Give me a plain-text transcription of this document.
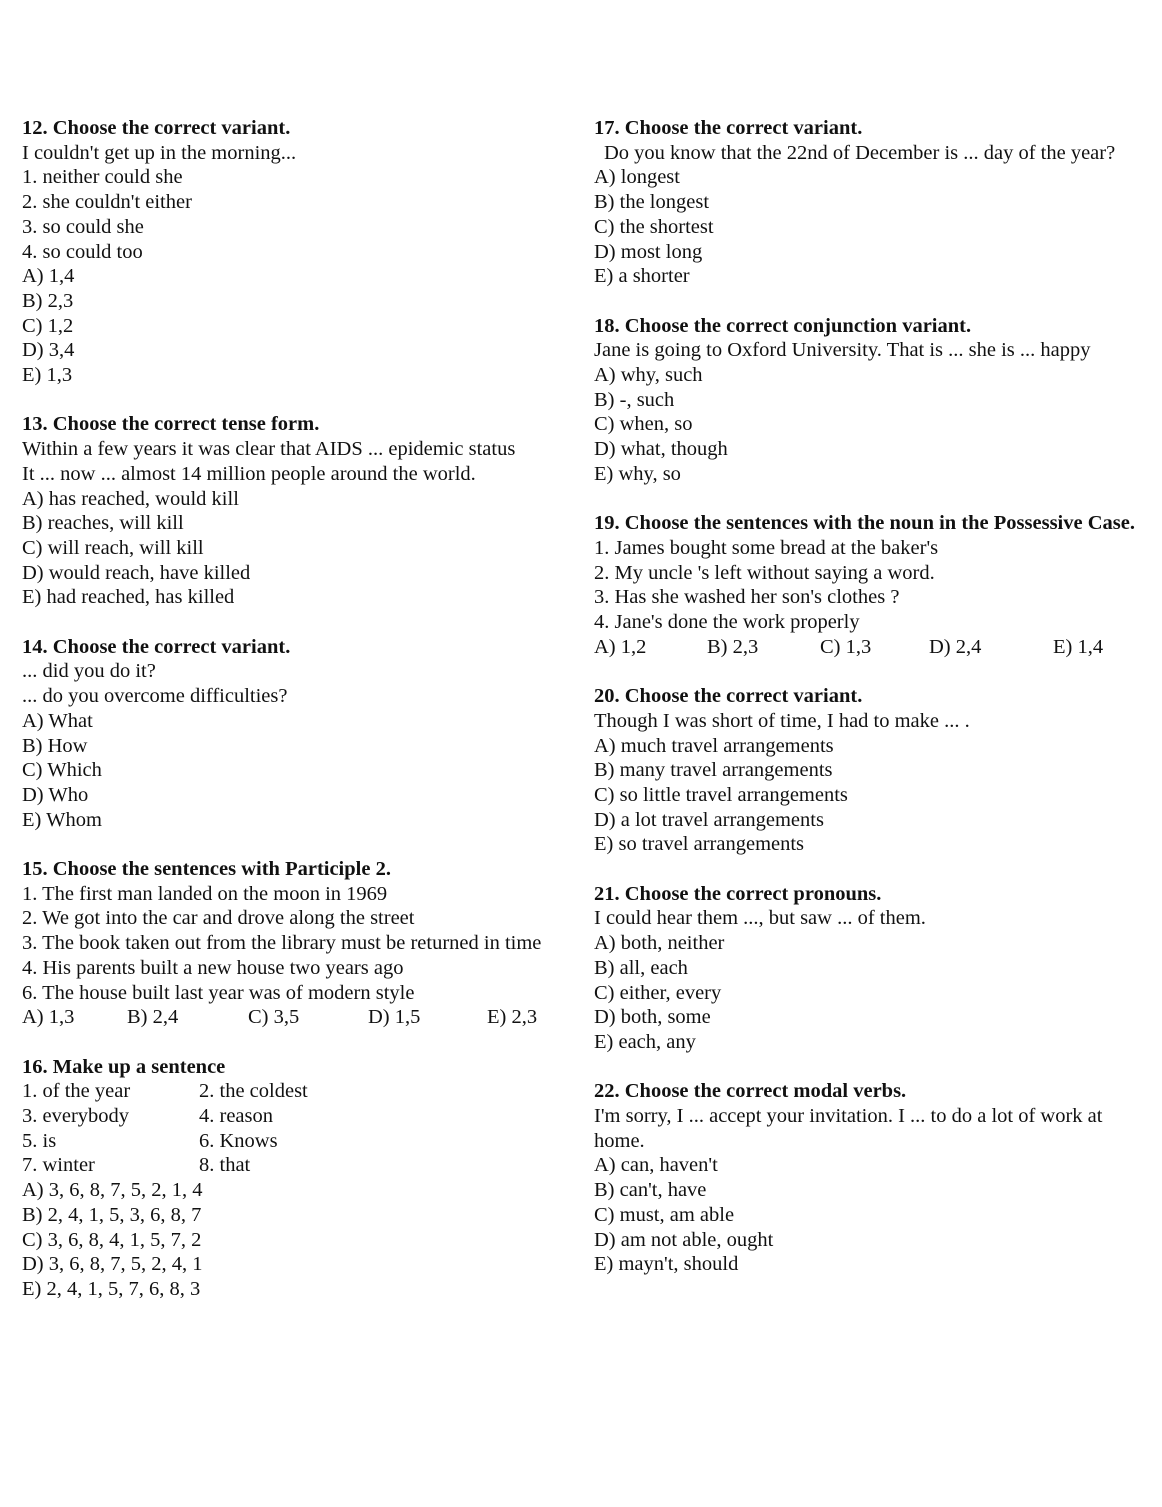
12. Choose the correct variant.
I couldn't get up in the morning...
1. neither could she
2. she couldn't either
3. so could she
4. so could too
A) 1,4
B) 2,3
C) 1,2
D) 3,4
E) 1,3
13. Choose the correct tense form.
Within a few years it was clear that AIDS ... epidemic status
It ... now ... almost 14 million people around the world.
A) has reached, would kill
B) reaches, will kill
C) will reach, will kill
D) would reach, have killed
E) had reached, has killed
14. Choose the correct variant.
... did you do it?
... do you overcome difficulties?
A) What
B) How
C) Which
D) Who
E) Whom
15. Choose the sentences with Participle 2.
1. The first man landed on the moon in 1969
2. We got into the car and drove along the street
3. The book taken out from the library must be returned in time
4. His parents built a new house two years ago
6. The house built last year was of modern style
A) 1,3	B) 2,4	C) 3,5	D) 1,5	E) 2,3
16. Make up a sentence
1. of the year	2. the coldest
3. everybody	4. reason
5. is	6. Knows
7. winter	8. that
A) 3, 6, 8, 7, 5, 2, 1, 4
B) 2, 4, 1, 5, 3, 6, 8, 7
C) 3, 6, 8, 4, 1, 5, 7, 2
D) 3, 6, 8, 7, 5, 2, 4, 1
E) 2, 4, 1, 5, 7, 6, 8, 3
17. Choose the correct variant.
Do you know that the 22nd of December is ... day of the year?
A) longest
B) the longest
C) the shortest
D) most long
E) a shorter
18. Choose the correct conjunction variant.
Jane is going to Oxford University. That is ... she is ... happy
A) why, such
B) -, such
C) when, so
D) what, though
E) why, so
19. Choose the sentences with the noun in the Possessive Case.
1. James bought some bread at the baker's
2. My uncle 's left without saying a word.
3. Has she washed her son's clothes ?
4. Jane's done the work properly
A) 1,2	B) 2,3	C) 1,3	D) 2,4	E) 1,4
20. Choose the correct variant.
Though I was short of time, I had to make ... .
A) much travel arrangements
B) many travel arrangements
C) so little travel arrangements
D) a lot travel arrangements
E) so travel arrangements
21. Choose the correct pronouns.
I could hear them ..., but saw ... of them.
A) both, neither
B) all, each
C) either, every
D) both, some
E) each, any
22. Choose the correct modal verbs.
I'm sorry, I ... accept your invitation. I ... to do a lot of work at home.
A) can, haven't
B) can't, have
C) must, am able
D) am not able, ought
E) mayn't, should
